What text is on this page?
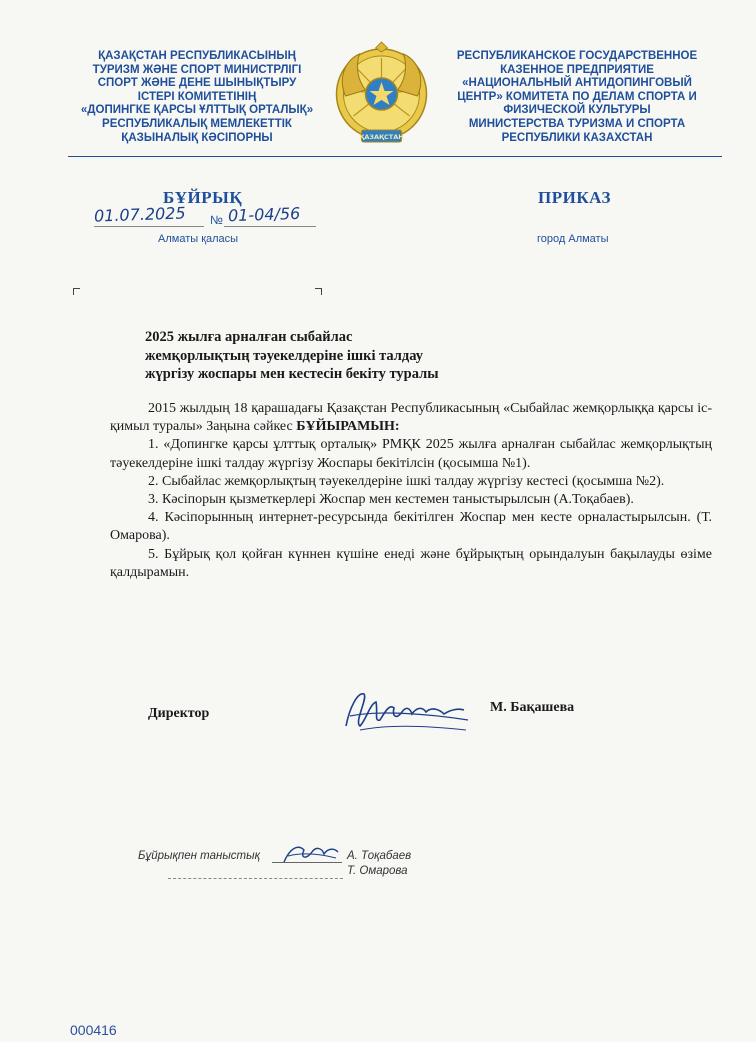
ҚАЗАҚСТАН РЕСПУБЛИКАСЫНЫҢ
ТУРИЗМ ЖӘНЕ СПОРТ МИНИСТРЛІГІ
СПОРТ ЖӘНЕ ДЕНЕ ШЫНЫҚТЫРУ
ІСТЕРІ КОМИТЕТІНІҢ
«ДОПИНГКЕ ҚАРСЫ ҰЛТТЫҚ ОРТАЛЫҚ»
РЕСПУБЛИКАЛЫҚ МЕМЛЕКЕТТІК
ҚАЗЫНАЛЫҚ КӘСІПОРНЫ	ҚАЗАҚСТАН
РЕСПУБЛИКАНСКОЕ ГОСУДАРСТВЕННОЕ
КАЗЕННОЕ ПРЕДПРИЯТИЕ
«НАЦИОНАЛЬНЫЙ АНТИДОПИНГОВЫЙ
ЦЕНТР» КОМИТЕТА ПО ДЕЛАМ СПОРТА И
ФИЗИЧЕСКОЙ КУЛЬТУРЫ
МИНИСТЕРСТВА ТУРИЗМА И СПОРТА
РЕСПУБЛИКИ КАЗАХСТАН
БҰЙРЫҚ	ПРИКАЗ
01.07.2025 № 01-04/56
Алматы қаласы	город Алматы
2025 жылға арналған сыбайлас
жемқорлықтың тәуекелдеріне ішкі талдау
жүргізу жоспары мен кестесін бекіту туралы

2015 жылдың 18 қарашадағы Қазақстан Республикасының «Сыбайлас жемқорлыққа қарсы іс-қимыл туралы» Заңына сәйкес БҰЙЫРАМЫН:

1. «Допингке қарсы ұлттық орталық» РМҚК 2025 жылға арналған сыбайлас жемқорлықтың тәуекелдеріне ішкі талдау жүргізу Жоспары бекітілсін (қосымша №1).

2. Сыбайлас жемқорлықтың тәуекелдеріне ішкі талдау жүргізу кестесі (қосымша №2).

3. Кәсіпорын қызметкерлері Жоспар мен кестемен таныстырылсын (А.Тоқабаев).

4. Кәсіпорынның интернет-ресурсында бекітілген Жоспар мен кесте орналастырылсын. (Т. Омарова).

5. Бұйрық қол қойған күннен күшіне енеді және бұйрықтың орындалуын бақылауды өзіме қалдырамын.

Директор	М. Бақашева
Бұйрықпен таныстық	А. Тоқабаев
Т. Омарова
000416
